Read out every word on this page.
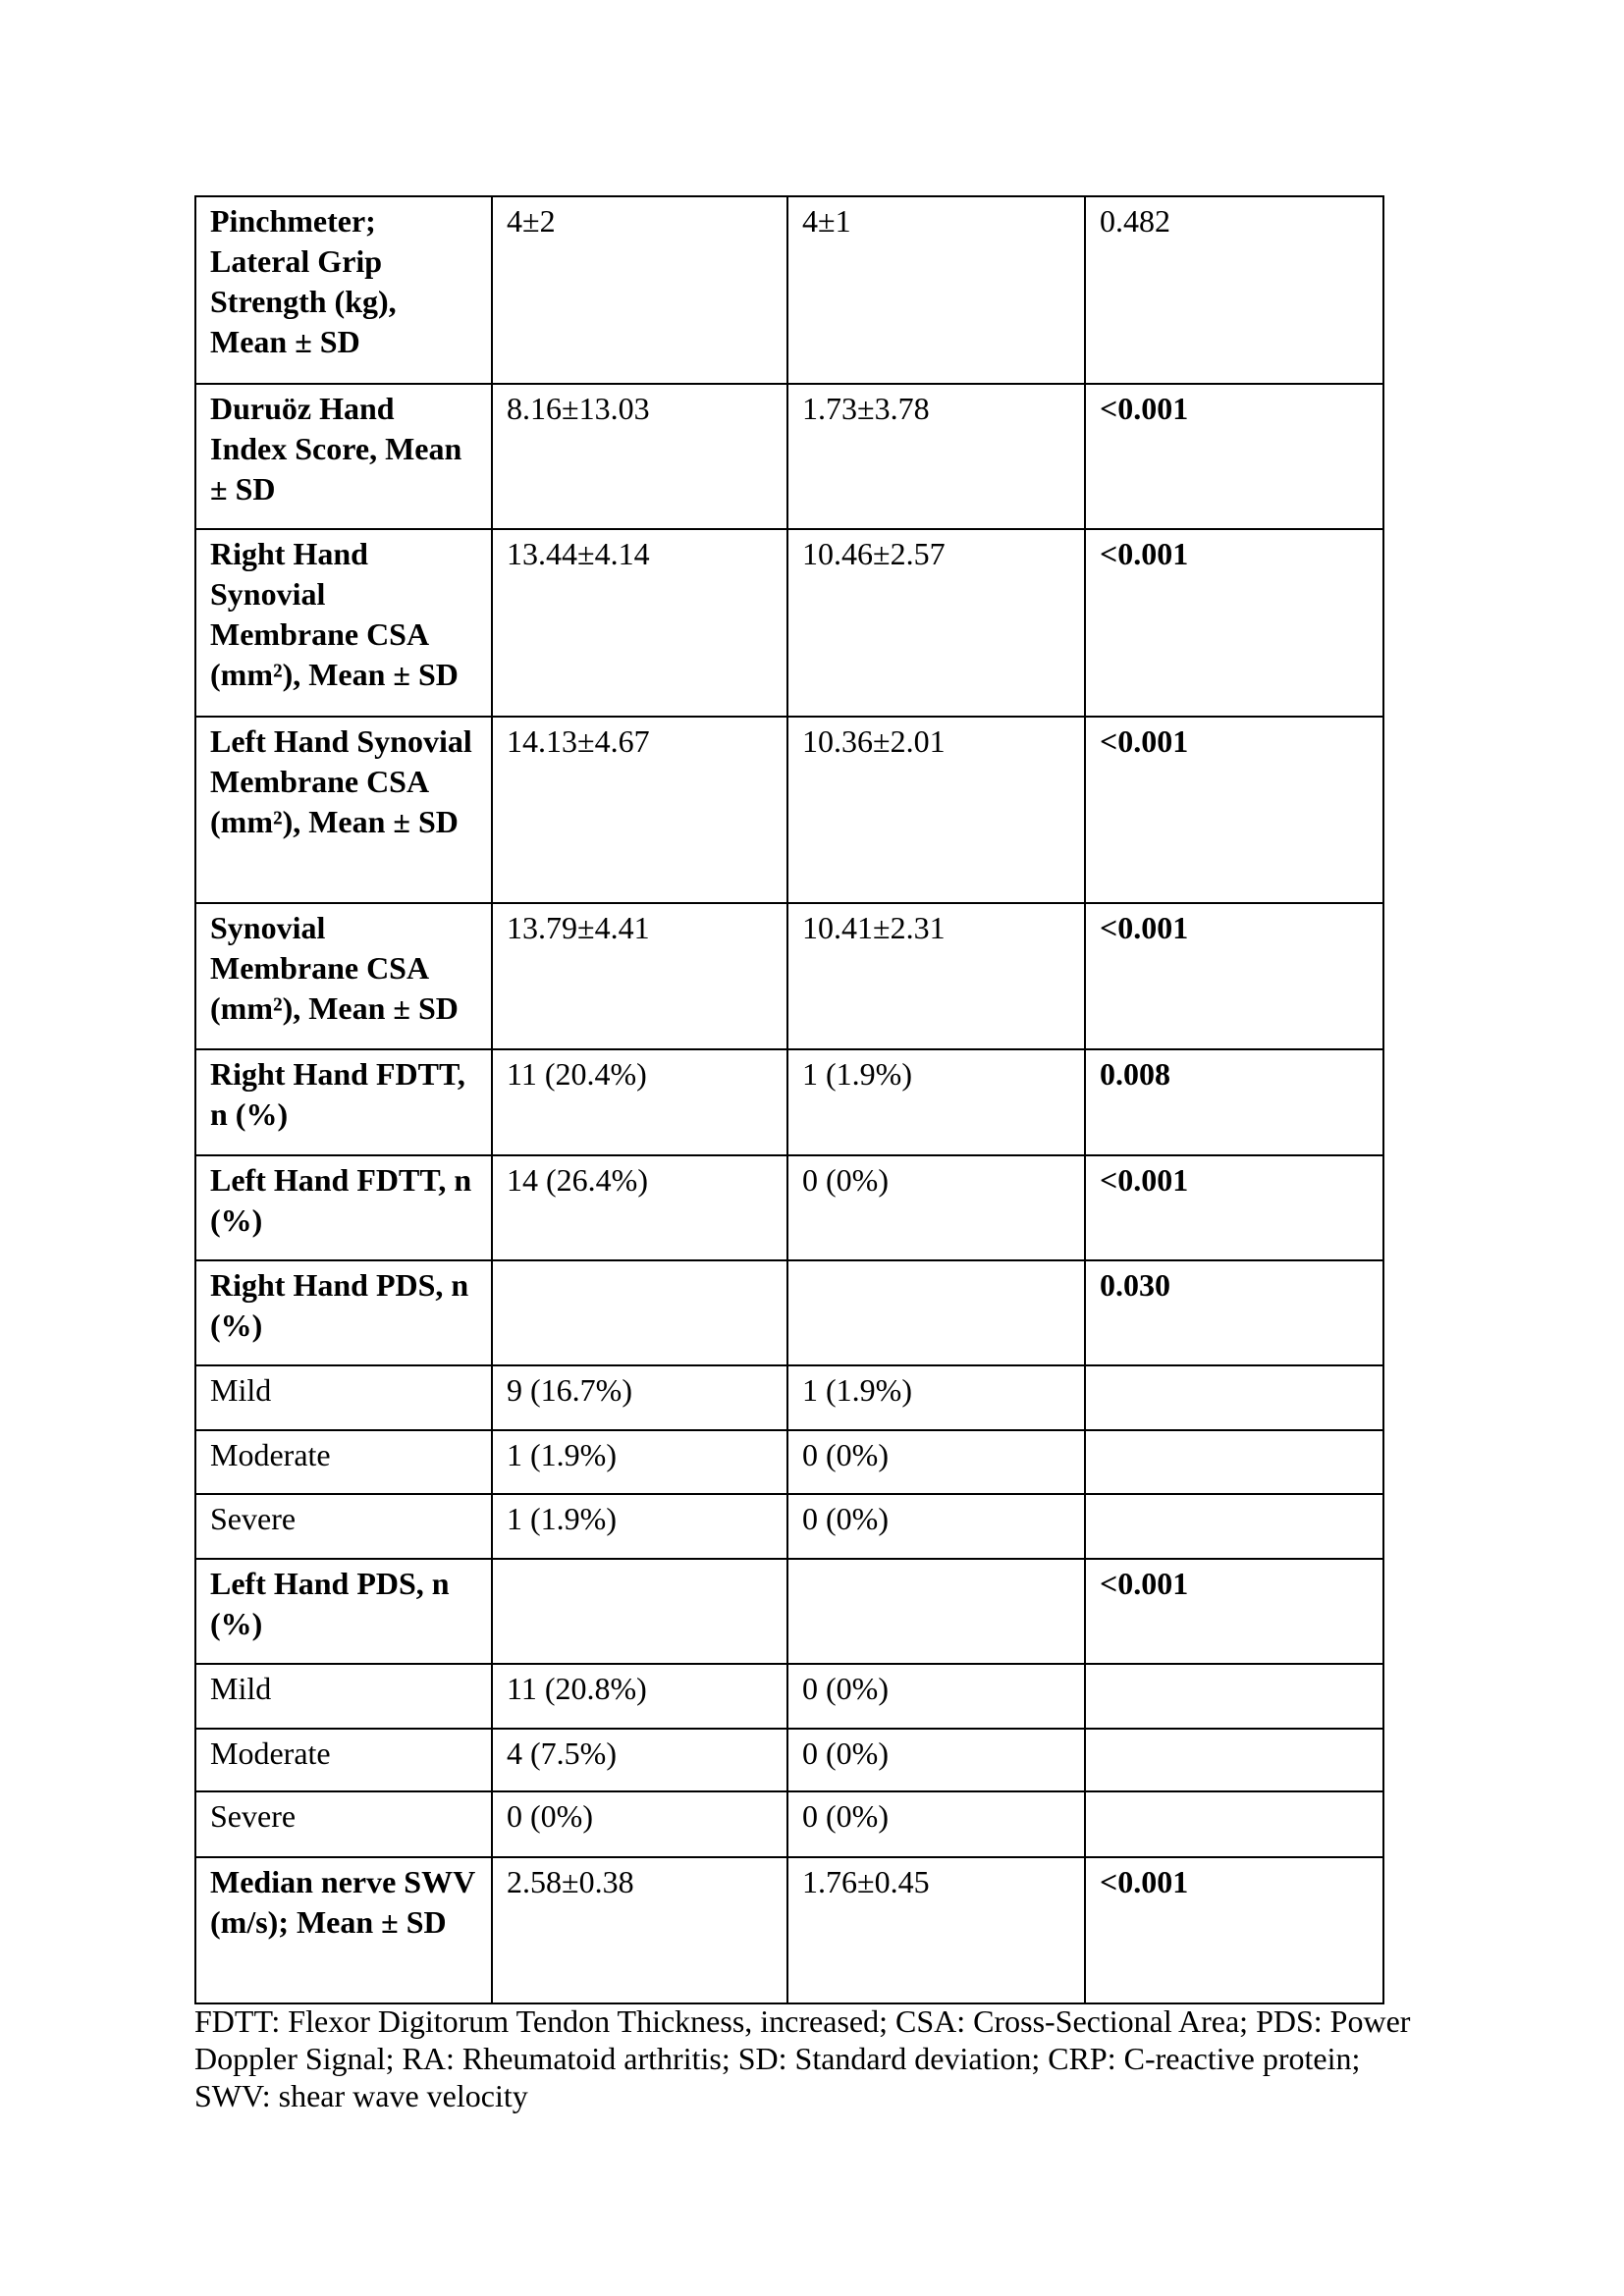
Pinchmeter; Lateral Grip Strength (kg), Mean ± SD	4±2	4±1	0.482
Duruöz Hand Index Score, Mean ± SD	8.16±13.03	1.73±3.78	<0.001
Right Hand Synovial Membrane CSA (mm²), Mean ± SD	13.44±4.14	10.46±2.57	<0.001
Left Hand Synovial Membrane CSA (mm²), Mean ± SD	14.13±4.67	10.36±2.01	<0.001
Synovial Membrane CSA (mm²), Mean ± SD	13.79±4.41	10.41±2.31	<0.001
Right Hand FDTT, n (%)	11 (20.4%)	1 (1.9%)	0.008
Left Hand FDTT, n (%)	14 (26.4%)	0 (0%)	<0.001
Right Hand PDS, n (%)			0.030
Mild	9 (16.7%)	1 (1.9%)	
Moderate	1 (1.9%)	0 (0%)	
Severe	1 (1.9%)	0 (0%)	
Left Hand PDS, n (%)			<0.001
Mild	11 (20.8%)	0 (0%)	
Moderate	4 (7.5%)	0 (0%)	
Severe	0 (0%)	0 (0%)	
Median nerve SWV (m/s); Mean ± SD	2.58±0.38	1.76±0.45	<0.001
FDTT: Flexor Digitorum Tendon Thickness, increased; CSA: Cross-Sectional Area; PDS: Power Doppler Signal; RA: Rheumatoid arthritis; SD: Standard deviation; CRP: C-reactive protein; SWV: shear wave velocity
